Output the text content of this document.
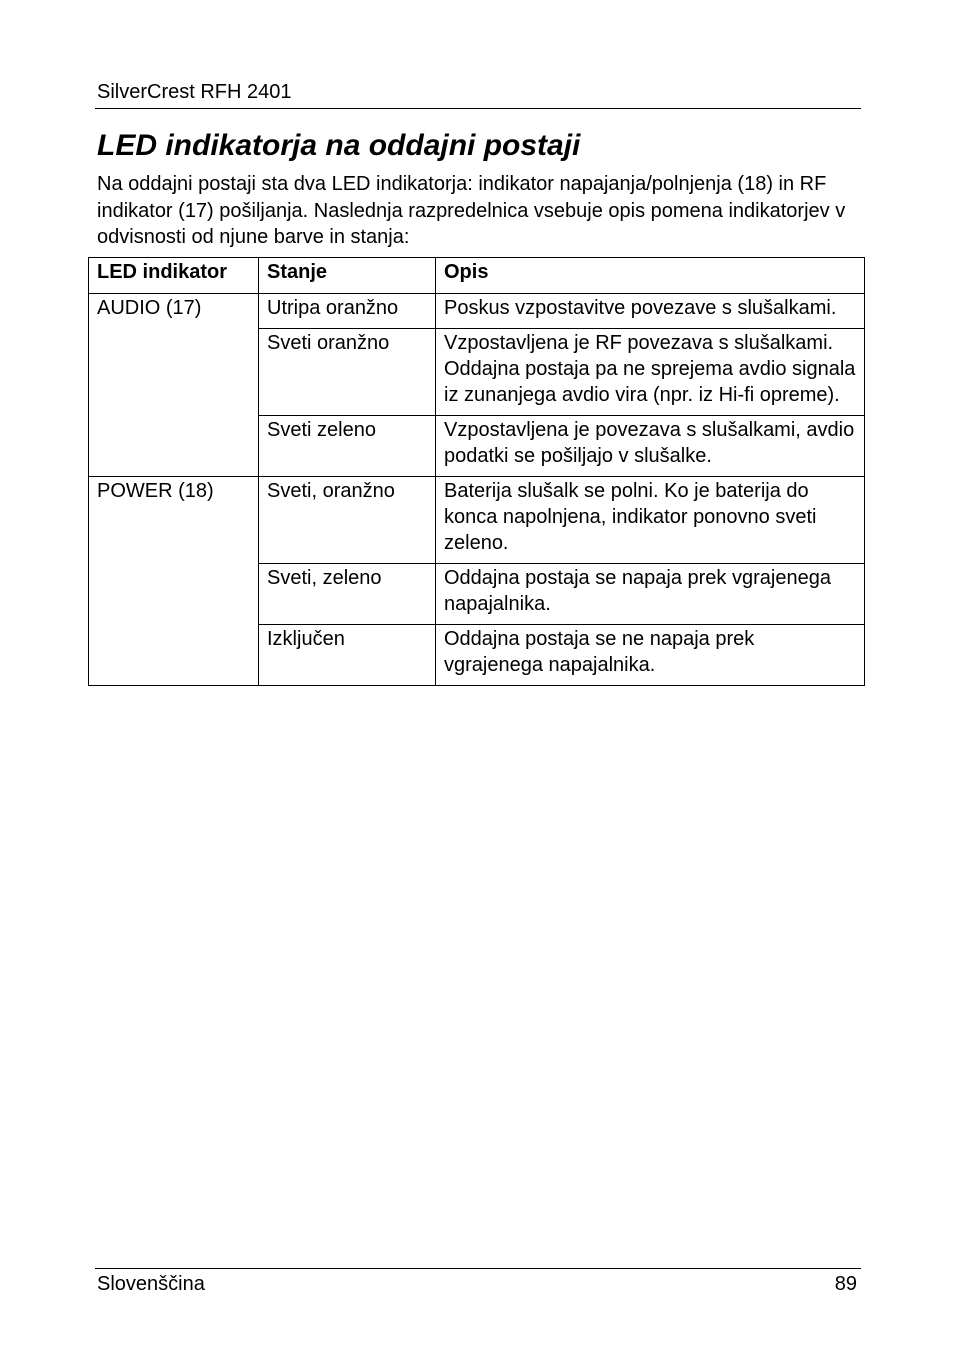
SilverCrest RFH 2401
LED indikatorja na oddajni postaji

Na oddajni postaji sta dva LED indikatorja: indikator napajanja/polnjenja (18) in RF indikator (17) pošiljanja. Naslednja razpredelnica vsebuje opis pomena indikatorjev v odvisnosti od njune barve in stanja:

LED indikator	Stanje	Opis
AUDIO (17)	Utripa oranžno	Poskus vzpostavitve povezave s slušalkami.
	Sveti oranžno	Vzpostavljena je RF povezava s slušalkami. Oddajna postaja pa ne sprejema avdio signala iz zunanjega avdio vira (npr. iz Hi-fi opreme).
	Sveti zeleno	Vzpostavljena je povezava s slušalkami, avdio podatki se pošiljajo v slušalke.
POWER (18)	Sveti, oranžno	Baterija slušalk se polni. Ko je baterija do konca napolnjena, indikator ponovno sveti zeleno.
	Sveti, zeleno	Oddajna postaja se napaja prek vgrajenega napajalnika.
	Izključen	Oddajna postaja se ne napaja prek vgrajenega napajalnika.
Slovenščina	89
